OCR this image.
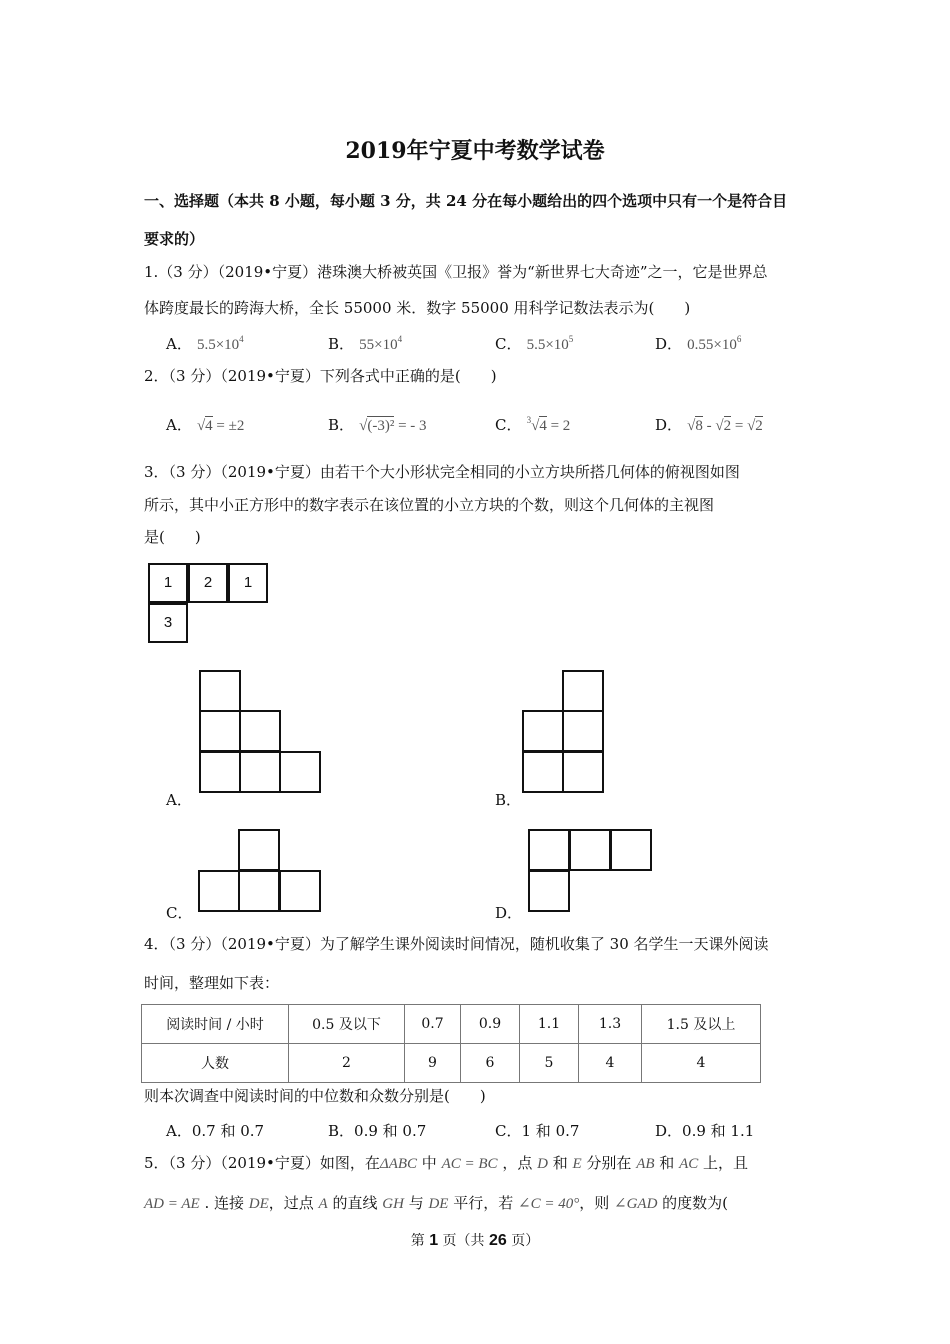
2019年宁夏中考数学试卷
一、选择题（本共 8 小题，每小题 3 分，共 24 分在每小题给出的四个选项中只有一个是符合目
要求的）
1.（3 分）（2019•宁夏）港珠澳大桥被英国《卫报》誉为“新世界七大奇迹”之一，它是世界总
体跨度最长的跨海大桥，全长 55000 米．数字 55000 用科学记数法表示为(　　)
A． $5.5\times 10^4$	B． $55\times 10^4$	C． $5.5\times 10^5$	D． $0.55\times 10^6$
2．（3 分）（2019•宁夏）下列各式中正确的是(　　)
A． √4 = ±2	B． √(-3)² = - 3	C． $^3$√4 = 2	D． √8 - √2 = √2
3．（3 分）（2019•宁夏）由若干个大小形状完全相同的小立方块所搭几何体的俯视图如图
所示，其中小正方形中的数字表示在该位置的小立方块的个数，则这个几何体的主视图
是(　　)
1	2	1
3
A．	B．
C．	D．
4．（3 分）（2019•宁夏）为了解学生课外阅读时间情况，随机收集了 30 名学生一天课外阅读
时间，整理如下表：
阅读时间 / 小时	0.5 及以下	0.7	0.9	1.1	1.3	1.5 及以上
人数	2	9	6	5	4	4
则本次调查中阅读时间的中位数和众数分别是(　　)
A．0.7 和 0.7	B．0.9 和 0.7	C．1 和 0.7	D．0.9 和 1.1
5．（3 分）（2019•宁夏）如图，在ΔABC 中 AC = BC ，点 D 和 E 分别在 AB 和 AC 上，且
AD = AE . 连接 DE，过点 A 的直线 GH 与 DE 平行，若 ∠C = 40°，则 ∠GAD 的度数为(
第 1 页（共 26 页）
